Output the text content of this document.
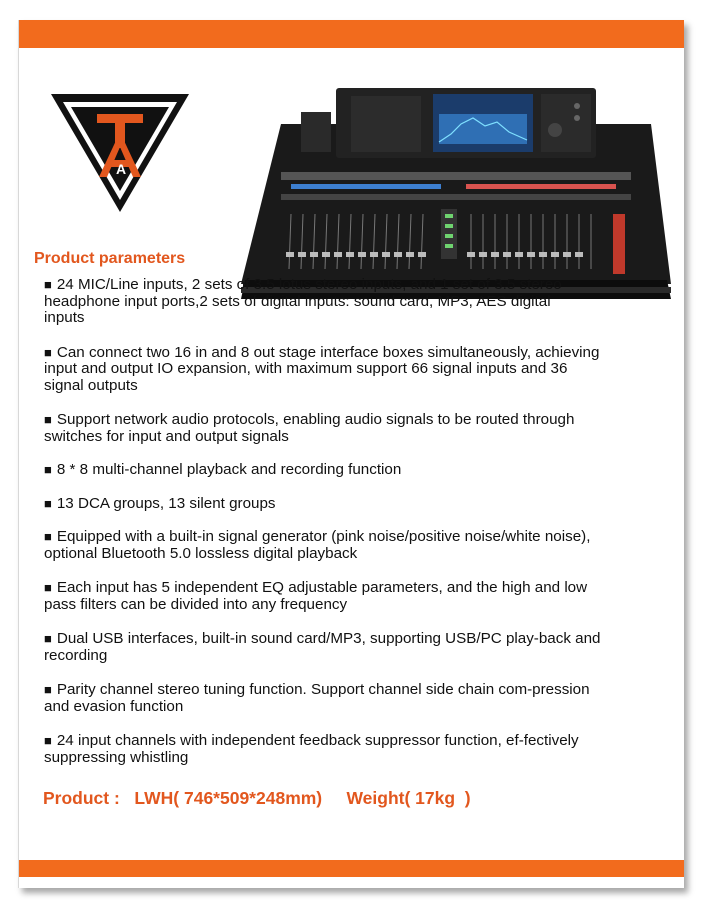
A
Product parameters
■ 24 MIC/Line inputs, 2 sets of 3.5 lotus stereo inputs, and 1 set of 3.5 stereo headphone input ports,2 sets of digital inputs: sound card, MP3, AES digital inputs
■ Can connect two 16 in and 8 out stage interface boxes simultaneously, achieving input and output IO expansion, with maximum support 66 signal inputs and 36 signal outputs
■ Support network audio protocols, enabling audio signals to be routed through switches for input and output signals
■ 8 * 8 multi-channel playback and recording function
■ 13 DCA groups, 13 silent groups
■ Equipped with a built-in signal generator (pink noise/positive noise/white noise), optional Bluetooth 5.0 lossless digital playback
■ Each input has 5 independent EQ adjustable parameters, and the high and low pass filters can be divided into any frequency
■ Dual USB interfaces, built-in sound card/MP3, supporting USB/PC play-back and recording
■ Parity channel stereo tuning function. Support channel side chain com-pression and evasion function
■ 24 input channels with independent feedback suppressor function, ef-fectively suppressing whistling
Product : LWH( 746*509*248mm) Weight( 17kg  )
